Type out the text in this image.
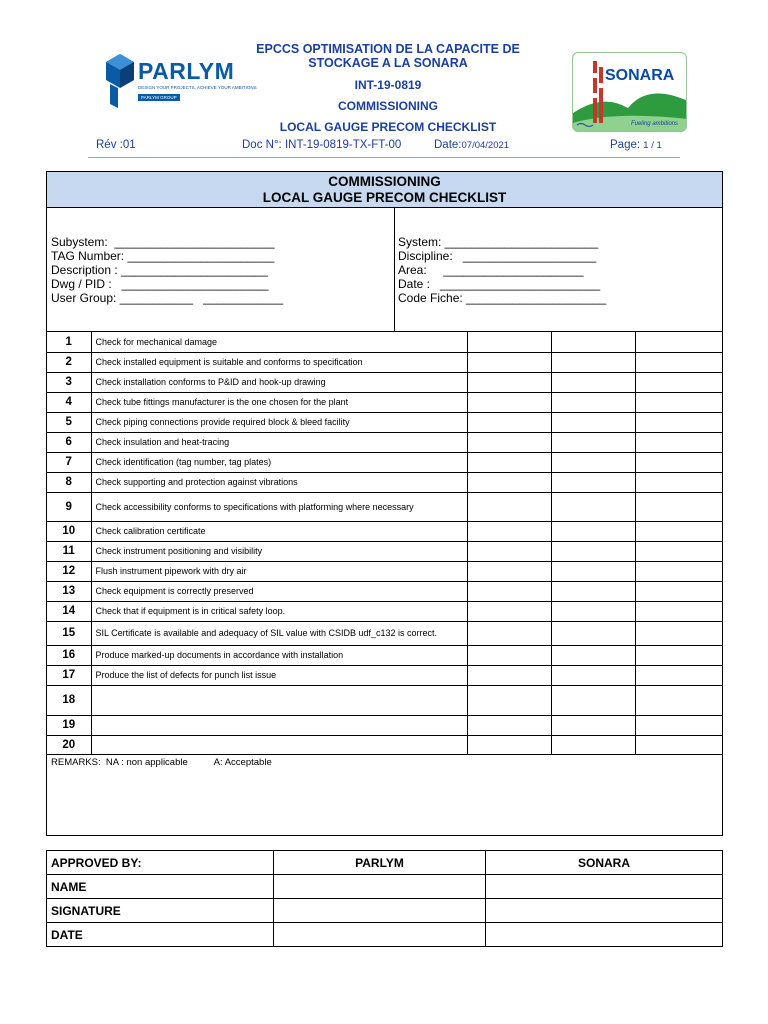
PARLYM
DESIGN YOUR PROJECTS, ACHIEVE YOUR AMBITIONS
PARLYM GROUP
EPCCS OPTIMISATION DE LA CAPACITE DE
STOCKAGE A LA SONARA
INT-19-0819
COMMISSIONING
LOCAL GAUGE PRECOM CHECKLIST
SONARA
Fueling ambitions
Rév :01	Doc N°: INT-19-0819-TX-FT-00	Date:07/04/2021	Page: 1 / 1
COMMISSIONING
LOCAL GAUGE PRECOM CHECKLIST
Subystem:  ________________________
TAG Number: ______________________
Description : ______________________
Dwg / PID :   ______________________
User Group: ___________   ____________
System: _______________________
Discipline:   ____________________
Area:     _____________________
Date :   ________________________
Code Fiche: _____________________
1	Check for mechanical damage			
2	Check installed equipment is suitable and conforms to specification			
3	Check installation conforms to P&ID and hook-up drawing			
4	Check tube fittings manufacturer is the one chosen for the plant			
5	Check piping connections provide required block & bleed facility			
6	Check insulation and heat-tracing			
7	Check identification (tag number, tag plates)			
8	Check supporting and protection against vibrations			
9	Check accessibility conforms to specifications with platforming where necessary			
10	Check calibration certificate			
11	Check instrument positioning and visibility			
12	Flush instrument pipework with dry air			
13	Check equipment is correctly preserved			
14	Check that if equipment is in critical safety loop.			
15	SIL Certificate is available and adequacy of SIL value with CSIDB udf_c132 is correct.			
16	Produce marked-up documents in accordance with installation			
17	Produce the list of defects for punch list issue			
18				
19				
20				
REMARKS:  NA : non applicable          A: Acceptable
APPROVED BY:	PARLYM	SONARA
NAME		
SIGNATURE		
DATE		
